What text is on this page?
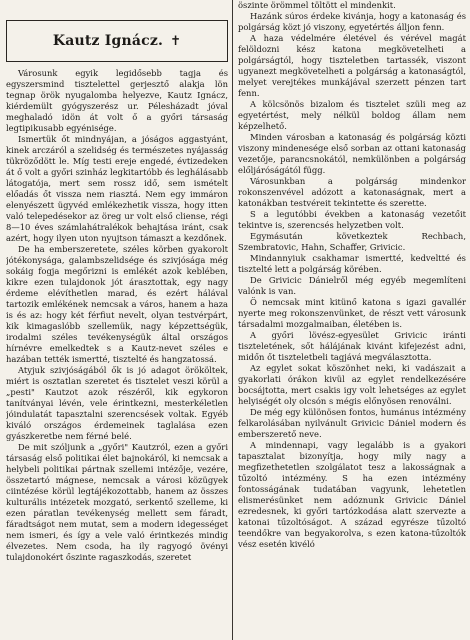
Kautz Ignácz. ✝

Városunk egyik legidősebb tagja és egyszersmind tisztelettel gerjesztő alakja lön tegnap örök nyugalomba helyezve, Kautz Ignácz, kiérdemült gyógyszerész ur. Pélesházadt jóval meghaladó idön át volt ő a győri társaság legtipikusabb egyénisége.

Ismertük őt mindnyájan, a jóságos aggastyánt, kinek arczáról a szelidség és természetes nyájasság tükröződött le. Míg testi ereje engedé, évtizedeken át ő volt a győri szinház legkitartóbb és leghálásabb látogatója, mert sem rossz idő, sem ismételt előadás őt vissza nem riasztá. Nem egy immáron elenyészett ügyvéd emlékezhetik vissza, hogy itten való telepedésekor az öreg ur volt első cliense, régi 8—10 éves számlahátralékok behajtása iránt, csak azért, hogy ilyen uton nyujtson támaszt a kezdőnek.

De ha emberszeretete, széles körben gyakorolt jótékonysága, galambszelidsége és szivjósága még sokáig fogja megőrizni is emlékét azok keblében, kikre ezen tulajdonok jót árasztottak, egy nagy érdeme elévíthetlen marad, és ezért hálával tartozik emlékének nemcsak a város, hanem a haza is és az: hogy két férfiut nevelt, olyan testvérpárt, kik kimagaslóbb szellemük, nagy képzettségük, irodalmi széles tevékenységük által országos hírnévre emelkedtek s a Kautz-nevet széles e hazában tették ismertté, tisztelté és hangzatossá.

Atyjuk szivjóságából ők is jó adagot örököltek, miért is osztatlan szeretet és tisztelet veszi körül a „pesti" Kautzot azok részéről, kik egykoron tanítványai lévén, vele érintkezni, mesterkéletlen jóindulatát tapasztalni szerencsések voltak. Egyéb kiváló országos érdemeinek taglalása ezen gyászkeretbe nem férné belé.

De mit szóljunk a „győri" Kautzról, ezen a győri társaság első politikai élet bajnokáról, ki nemcsak a helybeli politikai pártnak szellemi intézője, vezére, összetartó mágnese, nemcsak a városi közügyek ciintézése körül legtájékozottabb, hanem az összes kulturális intézetek mozgató, serkentő szelleme, ki ezen páratlan tevékenység mellett sem fáradt, fáradtságot nem mutat, sem a modern idegességet nem ismeri, és így a vele való érintkezés mindig élvezetes. Nem csoda, ha ily ragyogó övényi tulajdonokért őszinte ragaszkodás, szeretet

öszinte örömmel töltött el mindenkit.

Hazánk súros érdeke kivánja, hogy a katonaság és polgárság közt jó viszony, egyetértés álljon fenn.

A haza védelmére életével és vérével magát felöldozni kész katona megkövetelheti a polgárságtól, hogy tiszteletben tartassék, viszont ugyanezt megkövetelheti a polgárság a katonaságtól, melyet verejtékes munkájával szerzett pénzen tart fenn.

A kölcsönös bizalom és tisztelet szüli meg az egyetértést, mely nélkül boldog állam nem képzelhető.

Minden városban a katonaság és polgárság közti viszony mindenesége első sorban az ottani katonaság vezetője, parancsnokától, nemkülönben a polgárság előljáróságától függ.

Városunkban a polgárság mindenkor rokonszenvével adózott a katonaságnak, mert a katonákban testvéreit tekintette és szerette.

S a legutóbbi években a katonaság vezetőit tekintve is, szerencsés helyzetben volt.

Egymásután következtek Rechbach, Szembratovic, Hahn, Schaffer, Grivicic.

Mindannyiuk csakhamar ismertté, kedveltté és tisztelté lett a polgárság körében.

De Grivicic Dánielről még egyéb megemlíteni valónk is van.

Ö nemcsak mint kitünő katona s igazi gavallér nyerte meg rokonszenvünket, de részt vett városunk társadalmi mozgalmaiban, életében is.

A győri lövész-egyesület Grivicic iránti tiszteletének, sőt hálájának kivánt kifejezést adni, midőn őt tiszteletbeli tagjává megválasztotta.

Az egylet sokat köszönhet neki, ki vadászait a gyakorlati órákon kivül az egylet rendelkezésére bocsájtotta, mert csakis igy volt lehetséges az egylet helyiségét oly olcsón s mégis előnyösen renoválni.

De még egy különösen fontos, humánus intézmény felkarolásában nyilvánult Grivicic Dániel modern és emberszerető neve.

A mindennapi, vagy legalább is a gyakori tapasztalat bizonyítja, hogy mily nagy a megfizethetetlen szolgálatot tesz a lakosságnak a tűzoltó intézmény. S ha ezen intézmény fontosságának tudatában vagyunk, lehetetlen elismerésünket nem adóznunk Grivicic Dániel ezredesnek, ki győri tartózkodása alatt szervezte a katonai tűzoltóságot. A század egyrésze tűzoltó teendőkre van begyakorolva, s ezen katona-tűzoltók vész esetén kivéló
